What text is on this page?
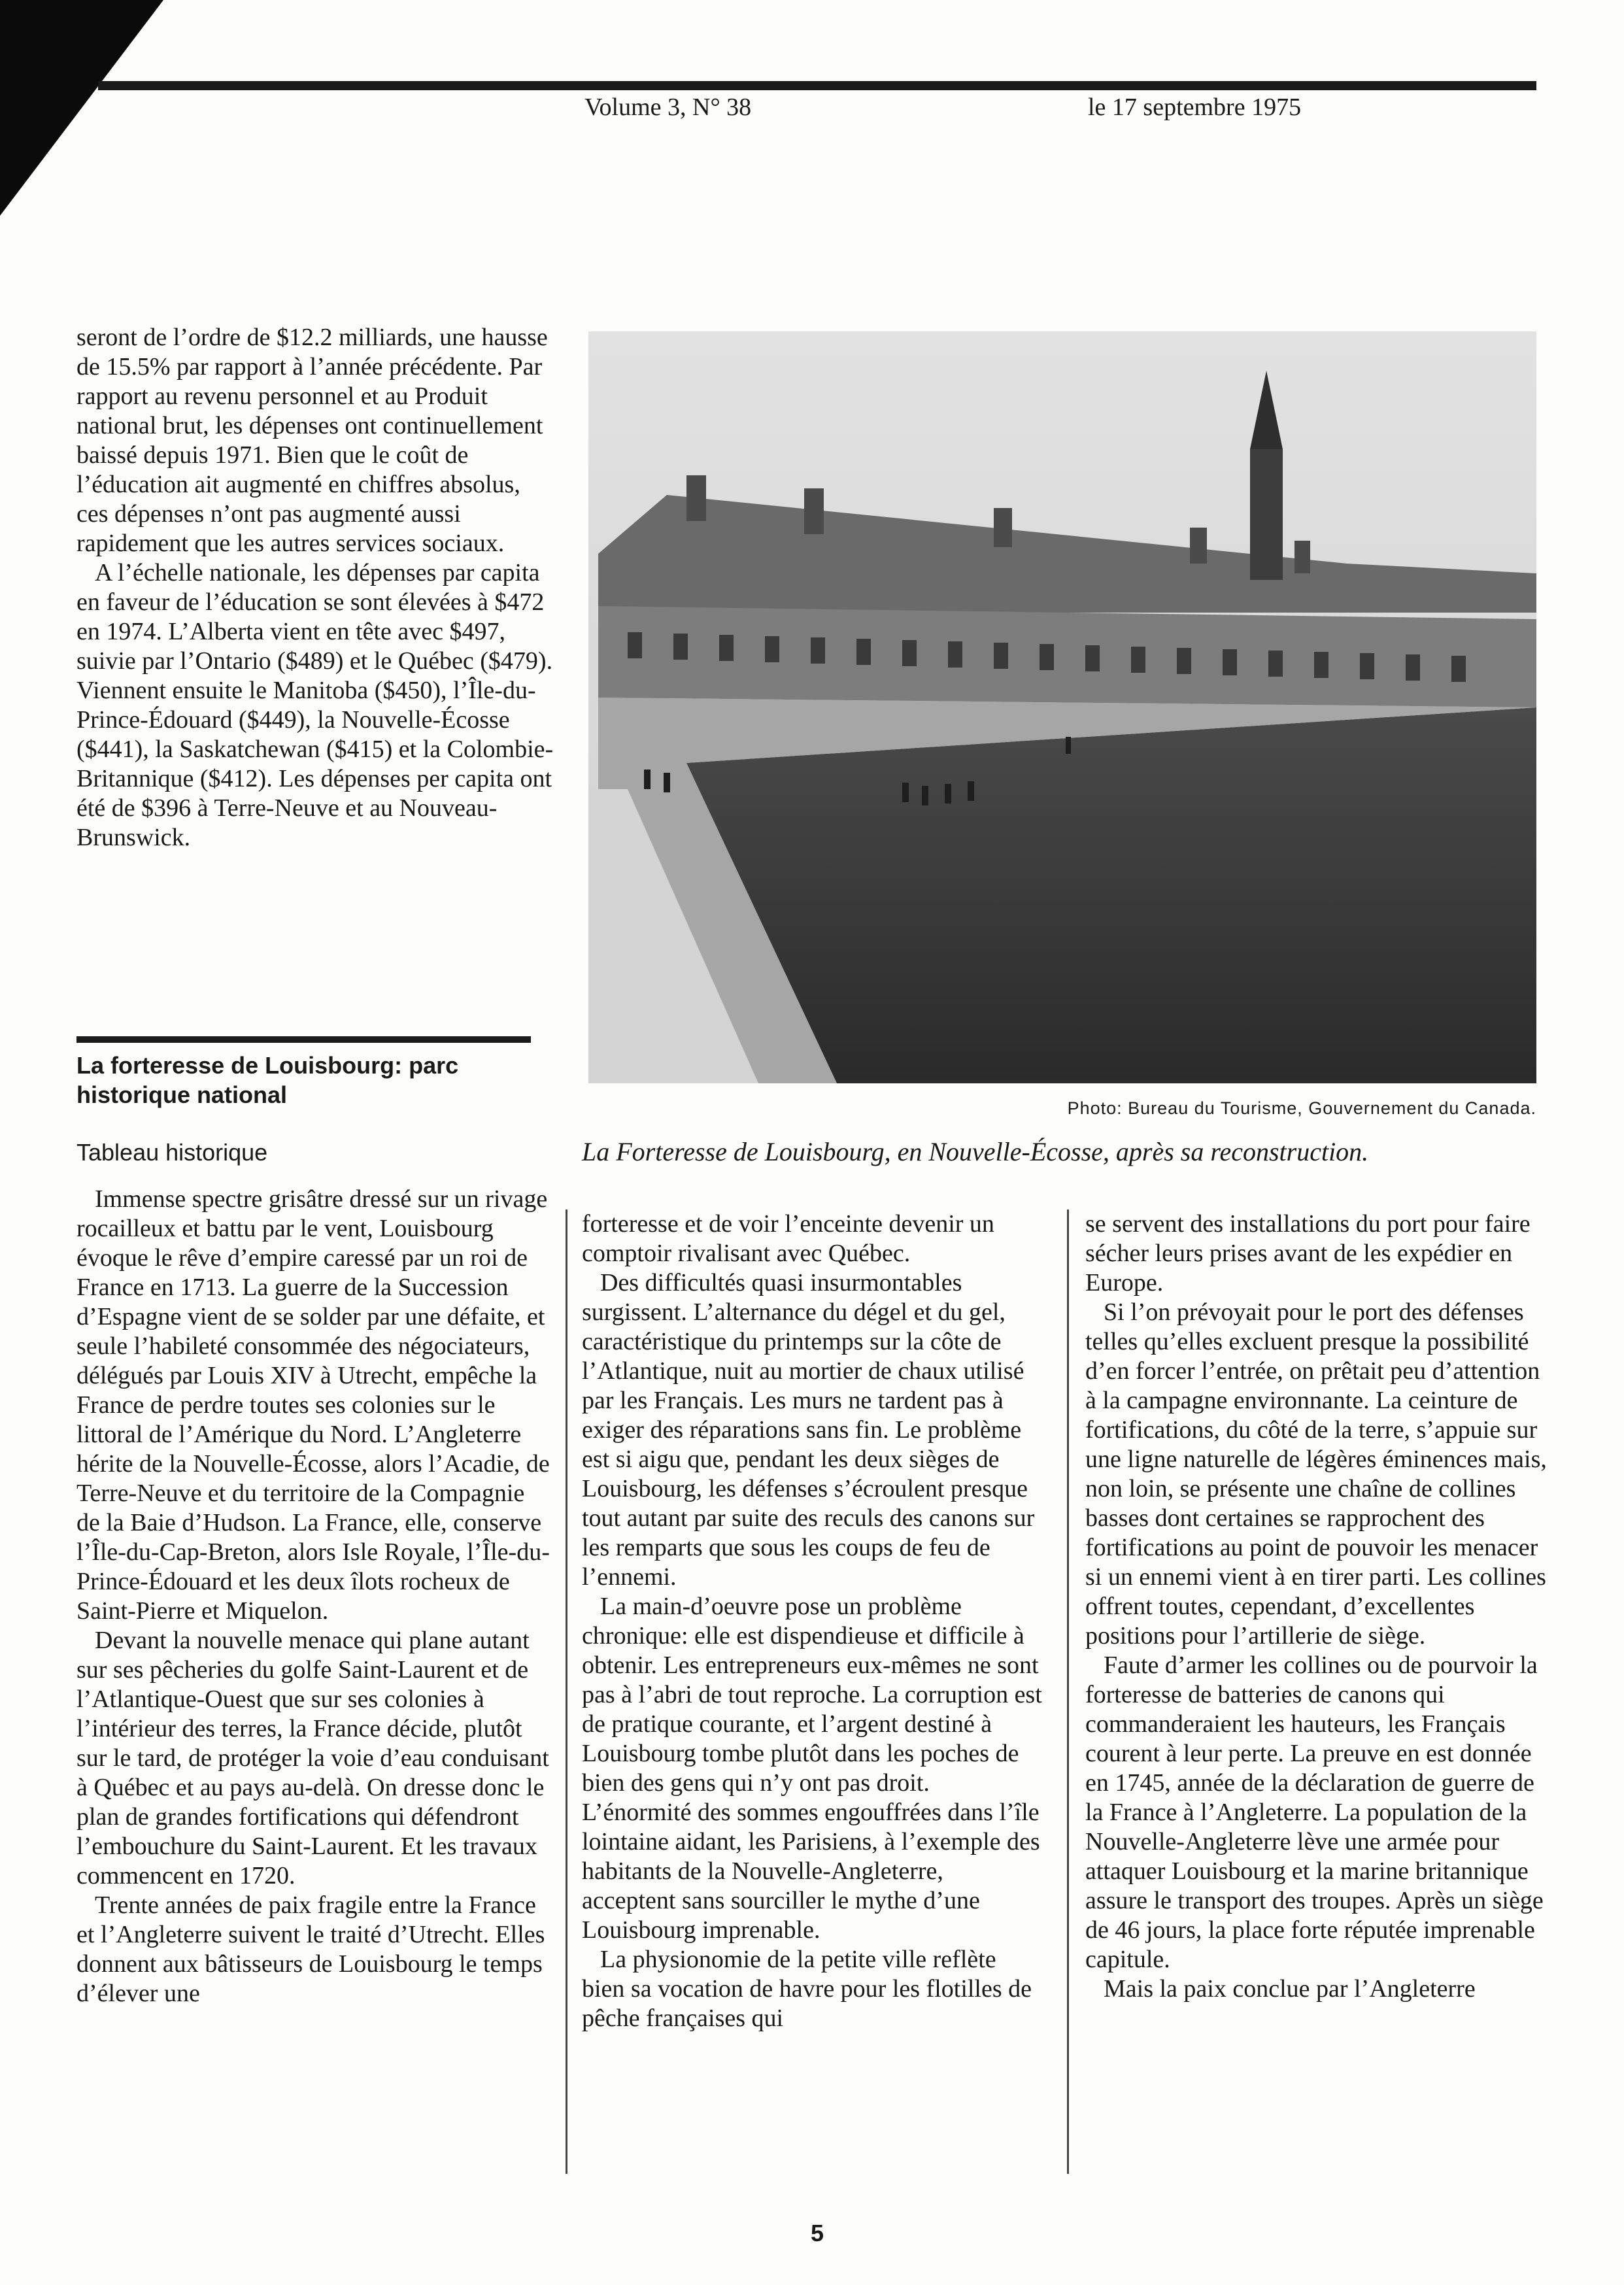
Volume 3, N° 38	le 17 septembre 1975

seront de l’ordre de $12.2 milliards, une hausse de 15.5% par rapport à l’année précédente. Par rapport au revenu personnel et au Produit national brut, les dépenses ont continuellement baissé depuis 1971. Bien que le coût de l’éducation ait augmenté en chiffres absolus, ces dépenses n’ont pas augmenté aussi rapidement que les autres services sociaux.

A l’échelle nationale, les dépenses par capita en faveur de l’éducation se sont élevées à $472 en 1974. L’Alberta vient en tête avec $497, suivie par l’Ontario ($489) et le Québec ($479). Viennent ensuite le Manitoba ($450), l’Île-du-Prince-Édouard ($449), la Nouvelle-Écosse ($441), la Saskatchewan ($415) et la Colombie-Britannique ($412). Les dépenses per capita ont été de $396 à Terre-Neuve et au Nouveau-Brunswick.

La forteresse de Louisbourg: parc historique national
Tableau historique

Immense spectre grisâtre dressé sur un rivage rocailleux et battu par le vent, Louisbourg évoque le rêve d’empire caressé par un roi de France en 1713. La guerre de la Succession d’Espagne vient de se solder par une défaite, et seule l’habileté consommée des négociateurs, délégués par Louis XIV à Utrecht, empêche la France de perdre toutes ses colonies sur le littoral de l’Amérique du Nord. L’Angleterre hérite de la Nouvelle-Écosse, alors l’Acadie, de Terre-Neuve et du territoire de la Compagnie de la Baie d’Hudson. La France, elle, conserve l’Île-du-Cap-Breton, alors Isle Royale, l’Île-du-Prince-Édouard et les deux îlots rocheux de Saint-Pierre et Miquelon.

Devant la nouvelle menace qui plane autant sur ses pêcheries du golfe Saint-Laurent et de l’Atlantique-Ouest que sur ses colonies à l’intérieur des terres, la France décide, plutôt sur le tard, de protéger la voie d’eau conduisant à Québec et au pays au-delà. On dresse donc le plan de grandes fortifications qui défendront l’embouchure du Saint-Laurent. Et les travaux commencent en 1720.

Trente années de paix fragile entre la France et l’Angleterre suivent le traité d’Utrecht. Elles donnent aux bâtisseurs de Louisbourg le temps d’élever une

Photo: Bureau du Tourisme, Gouvernement du Canada.
La Forteresse de Louisbourg, en Nouvelle-Écosse, après sa reconstruction.

forteresse et de voir l’enceinte devenir un comptoir rivalisant avec Québec.

Des difficultés quasi insurmontables surgissent. L’alternance du dégel et du gel, caractéristique du printemps sur la côte de l’Atlantique, nuit au mortier de chaux utilisé par les Français. Les murs ne tardent pas à exiger des réparations sans fin. Le problème est si aigu que, pendant les deux sièges de Louisbourg, les défenses s’écroulent presque tout autant par suite des reculs des canons sur les remparts que sous les coups de feu de l’ennemi.

La main-d’oeuvre pose un problème chronique: elle est dispendieuse et difficile à obtenir. Les entrepreneurs eux-mêmes ne sont pas à l’abri de tout reproche. La corruption est de pratique courante, et l’argent destiné à Louisbourg tombe plutôt dans les poches de bien des gens qui n’y ont pas droit. L’énormité des sommes engouffrées dans l’île lointaine aidant, les Parisiens, à l’exemple des habitants de la Nouvelle-Angleterre, acceptent sans sourciller le mythe d’une Louisbourg imprenable.

La physionomie de la petite ville reflète bien sa vocation de havre pour les flotilles de pêche françaises qui

se servent des installations du port pour faire sécher leurs prises avant de les expédier en Europe.

Si l’on prévoyait pour le port des défenses telles qu’elles excluent presque la possibilité d’en forcer l’entrée, on prêtait peu d’attention à la campagne environnante. La ceinture de fortifications, du côté de la terre, s’appuie sur une ligne naturelle de légères éminences mais, non loin, se présente une chaîne de collines basses dont certaines se rapprochent des fortifications au point de pouvoir les menacer si un ennemi vient à en tirer parti. Les collines offrent toutes, cependant, d’excellentes positions pour l’artillerie de siège.

Faute d’armer les collines ou de pourvoir la forteresse de batteries de canons qui commanderaient les hauteurs, les Français courent à leur perte. La preuve en est donnée en 1745, année de la déclaration de guerre de la France à l’Angleterre. La population de la Nouvelle-Angleterre lève une armée pour attaquer Louisbourg et la marine britannique assure le transport des troupes. Après un siège de 46 jours, la place forte réputée imprenable capitule.

Mais la paix conclue par l’Angleterre

5
